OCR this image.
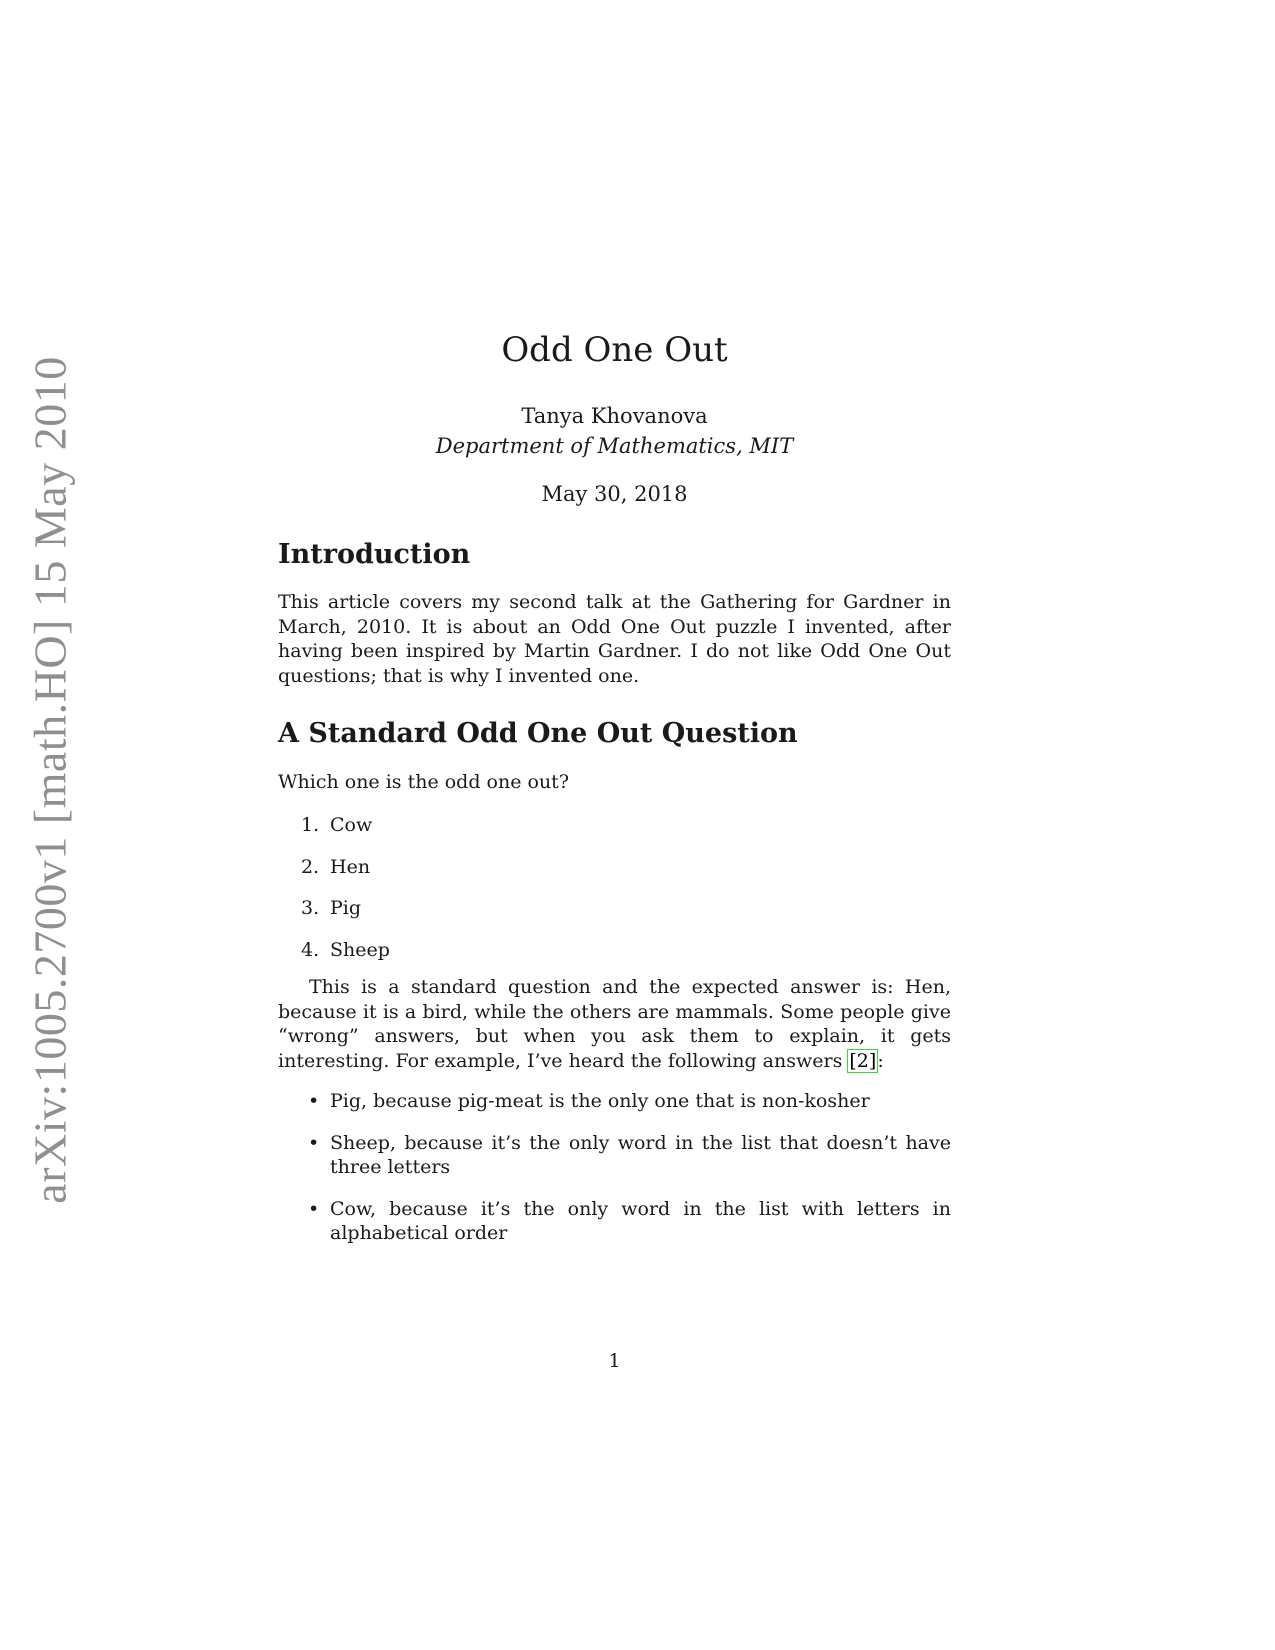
arXiv:1005.2700v1 [math.HO] 15 May 2010
Odd One Out
Tanya Khovanova
Department of Mathematics, MIT
May 30, 2018
Introduction

This article covers my second talk at the Gathering for Gardner in March, 2010. It is about an Odd One Out puzzle I invented, after having been inspired by Martin Gardner. I do not like Odd One Out questions; that is why I invented one.

A Standard Odd One Out Question

Which one is the odd one out?

1. Cow
2. Hen
3. Pig
4. Sheep

This is a standard question and the expected answer is: Hen, because it is a bird, while the others are mammals. Some people give “wrong” answers, but when you ask them to explain, it gets interesting. For example, I’ve heard the following answers [2]:

• Pig, because pig-meat is the only one that is non-kosher
• Sheep, because it’s the only word in the list that doesn’t have three letters
• Cow, because it’s the only word in the list with letters in alphabetical order
1
